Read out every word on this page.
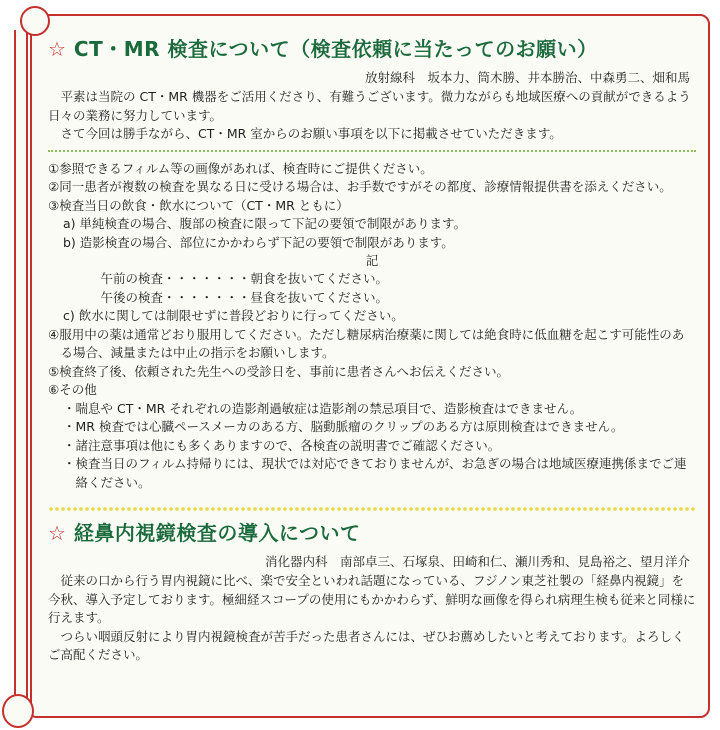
☆ CT・MR 検査について（検査依頼に当たってのお願い）
放射線科　坂本力、筒木勝、井本勝治、中森勇二、畑和馬

平素は当院の CT・MR 機器をご活用くださり、有難うございます。微力ながらも地域医療への貢献ができるよう日々の業務に努力しています。

さて今回は勝手ながら、CT・MR 室からのお願い事項を以下に掲載させていただきます。

①参照できるフィルム等の画像があれば、検査時にご提供ください。
②同一患者が複数の検査を異なる日に受ける場合は、お手数ですがその都度、診療情報提供書を添えください。
③検査当日の飲食・飲水について（CT・MR ともに）
a) 単純検査の場合、腹部の検査に限って下記の要領で制限があります。
b) 造影検査の場合、部位にかかわらず下記の要領で制限があります。
記
午前の検査・・・・・・・朝食を抜いてください。
午後の検査・・・・・・・昼食を抜いてください。
c) 飲水に関しては制限せずに普段どおりに行ってください。
④服用中の薬は通常どおり服用してください。ただし糖尿病治療薬に関しては絶食時に低血糖を起こす可能性のある場合、減量または中止の指示をお願いします。
⑤検査終了後、依頼された先生への受診日を、事前に患者さんへお伝えください。
⑥その他
・喘息や CT・MR それぞれの造影剤過敏症は造影剤の禁忌項目で、造影検査はできません。
・MR 検査では心臓ペースメーカのある方、脳動脈瘤のクリップのある方は原則検査はできません。
・諸注意事項は他にも多くありますので、各検査の説明書でご確認ください。
・検査当日のフィルム持帰りには、現状では対応できておりませんが、お急ぎの場合は地域医療連携係までご連絡ください。
☆ 経鼻内視鏡検査の導入について
消化器内科　南部卓三、石塚泉、田崎和仁、瀬川秀和、見島裕之、望月洋介

従来の口から行う胃内視鏡に比べ、楽で安全といわれ話題になっている、フジノン東芝社製の「経鼻内視鏡」を今秋、導入予定しております。極細経スコープの使用にもかかわらず、鮮明な画像を得られ病理生検も従来と同様に行えます。

つらい咽頭反射により胃内視鏡検査が苦手だった患者さんには、ぜひお薦めしたいと考えております。よろしくご高配ください。
